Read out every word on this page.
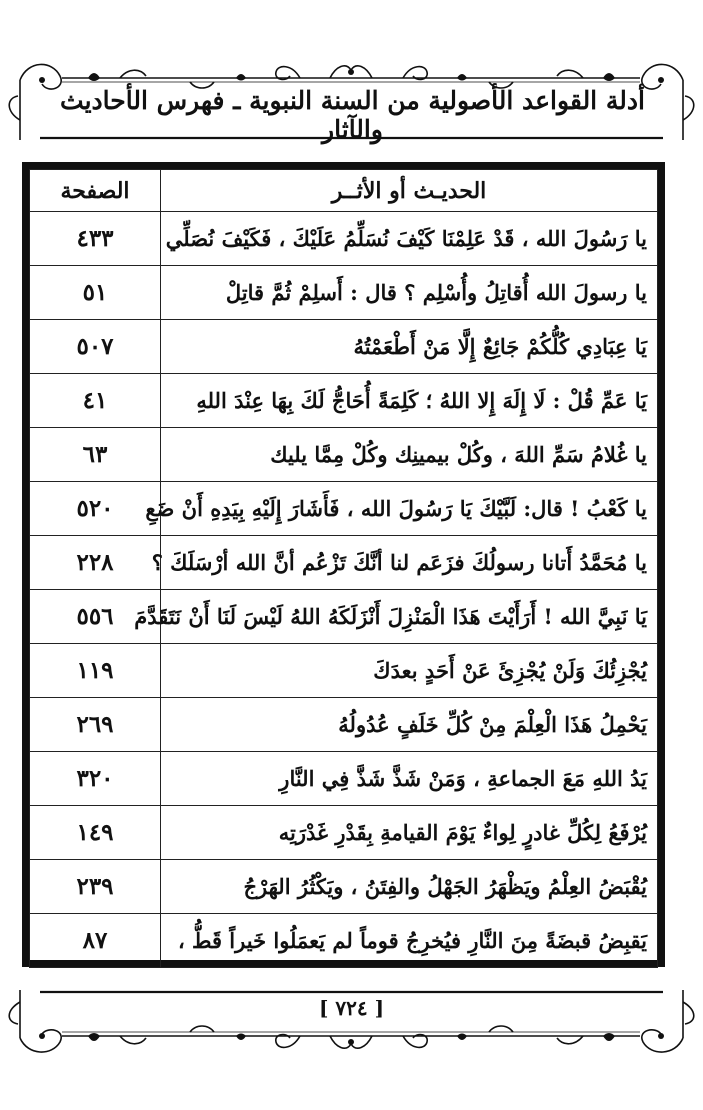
أدلة القواعد الأصولية من السنة النبوية ـ فهرس الأحاديث والآثار
الحديـث أو الأثــر	الصفحة
يا رَسُولَ الله ، قَدْ عَلِمْنَا كَيْفَ نُسَلِّمُ عَلَيْكَ ، فَكَيْفَ نُصَلِّي	٤٣٣
يا رسولَ الله أُقاتِلُ وأُسْلِم ؟ قال : أَسلِمْ ثُمَّ قاتِلْ	٥١
يَا عِبَادِي كُلُّكُمْ جَائِعٌ إِلَّا مَنْ أَطْعَمْتُهُ	٥٠٧
يَا عَمِّ قُلْ : لَا إِلَهَ إِلا اللهُ ؛ كَلِمَةً أُحَاجُّ لَكَ بِهَا عِنْدَ اللهِ	٤١
يا غُلامُ سَمِّ اللهَ ، وكُلْ بيمينِك وكُلْ مِمَّا يليك	٦٣
يا كَعْبُ ! قال: لَبَّيْكَ يَا رَسُولَ الله ، فَأَشَارَ إِلَيْهِ بِيَدِهِ أَنْ ضَعِ	٥٢٠
يا مُحَمَّدُ أَتانا رسولُكَ فزَعَم لنا أنَّكَ تَزْعُم أنَّ الله أرْسَلَكَ ؟	٢٢٨
يَا نَبِيَّ الله ! أَرَأَيْتَ هَذَا الْمَنْزِلَ أَنْزَلَكَهُ اللهُ لَيْسَ لَنَا أَنْ نَتَقَدَّمَ	٥٥٦
يُجْزِئُكَ وَلَنْ يُجْزِئَ عَنْ أَحَدٍ بعدَكَ	١١٩
يَحْمِلُ هَذَا الْعِلْمَ مِنْ كُلِّ خَلَفٍ عُدُولُهُ	٢٦٩
يَدُ اللهِ مَعَ الجماعةِ ، وَمَنْ شَذَّ شَذَّ فِي النَّارِ	٣٢٠
يُرْفَعُ لِكُلِّ غادرٍ لِواءٌ يَوْمَ القيامةِ بِقَدْرِ غَدْرَتِه	١٤٩
يُقْبَضُ العِلْمُ ويَظْهَرُ الجَهْلُ والفِتَنُ ، ويَكْثُرُ الهَرْجُ	٢٣٩
يَقبِضُ قبضَةً مِنَ النَّارِ فيُخرِجُ قوماً لم يَعمَلُوا خَيراً قَطُّ ،	٨٧
[ ٧٢٤ ]
